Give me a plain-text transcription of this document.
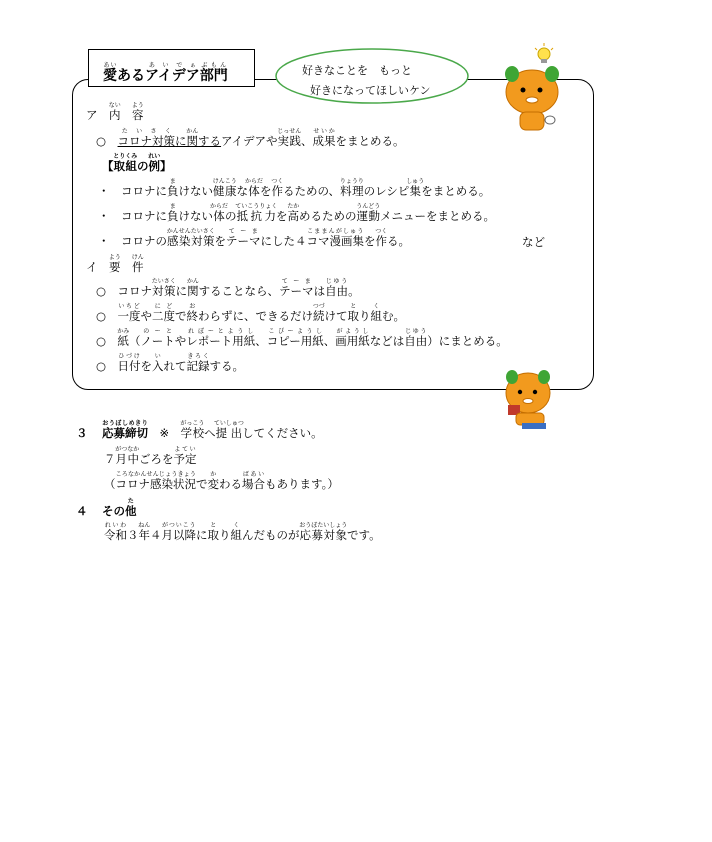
愛あいあるアイデアあいでぁ部門ぶもん	好きなことを　もっと
好きになってほしいケン
ア　内ない　容よう
○　コロナ対策たいさくに関かんするアイデアや実践じっせん、成果せいかをまとめる。
【取組とりくみの例れい】
・　コロナに負まけない健康けんこうな体からだを作つくるための、料理りょうりのレシピ集しゅうをまとめる。
・　コロナに負まけない体からだの抵抗力ていこうりょくを高たかめるための運動うんどうメニューをまとめる。
・　コロナの感染対策かんせんたいさくをテーマてーまにした４コマ漫画集こままんがしゅうを作つくる。	など
イ　要よう　件けん
○　コロナ対策たいさくに関かんすることなら、テーマてーまは自由じゆう。
○　一度いちどや二度にどで終おわらずに、できるだけ続つづけて取とり組くむ。
○　紙かみ（ノートのーとやレポート用紙れぽーとようし、コピー用紙こぴーようし、画用紙がようしなどは自由じゆう）にまとめる。
○　日付ひづけを入いれて記録きろくする。
３ 応募締切おうぼしめきり　※　学校がっこうへ提出ていしゅつしてください。
７月がつ中なかごろを予定よてい
（コロナ感染状況ころなかんせんじょうきょうで変かわる場合ばあいもあります。）
４ その他た
令和れいわ３年ねん４月以降がついこうに取とり組くんだものが応募対象おうぼたいしょうです。
